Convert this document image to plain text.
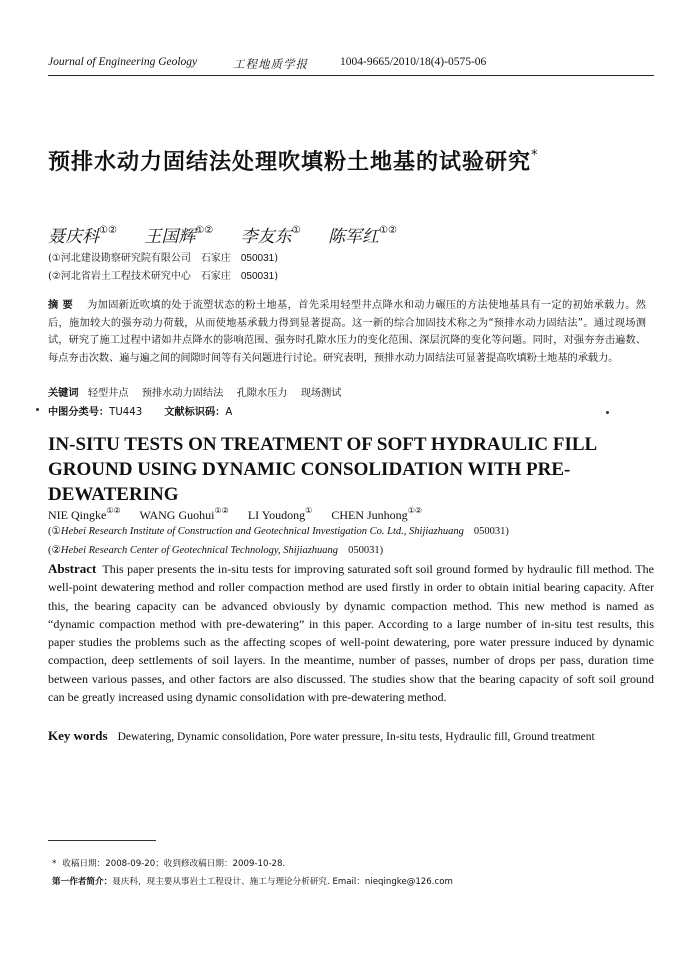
Journal of Engineering Geology	工程地质学报	1004-9665/2010/18(4)-0575-06
预排水动力固结法处理吹填粉土地基的试验研究*
聂庆科①② 王国辉①② 李友东① 陈军红①②
(①河北建设勘察研究院有限公司 石家庄 050031)
(②河北省岩土工程技术研究中心 石家庄 050031)
摘要 为加固新近吹填的处于流塑状态的粉土地基，首先采用轻型井点降水和动力碾压的方法使地基具有一定的初始承载力。然后，施加较大的强夯动力荷载，从而使地基承载力得到显著提高。这一新的综合加固技术称之为“预排水动力固结法”。通过现场测试，研究了施工过程中诸如井点降水的影响范围、强夯时孔隙水压力的变化范围、深层沉降的变化等问题。同时，对强夯夯击遍数、每点夯击次数、遍与遍之间的间隙时间等有关问题进行讨论。研究表明，预排水动力固结法可显著提高吹填粉土地基的承载力。
关键词 轻型井点 预排水动力固结法 孔隙水压力 现场测试
中图分类号：TU443 文献标识码：A
IN-SITU TESTS ON TREATMENT OF SOFT HYDRAULIC FILL GROUND USING DYNAMIC CONSOLIDATION WITH PRE-DEWATERING
NIE Qingke①② WANG Guohui①② LI Youdong① CHEN Junhong①②
(①Hebei Research Institute of Construction and Geotechnical Investigation Co. Ltd., Shijiazhuang 050031)
(②Hebei Research Center of Geotechnical Technology, Shijiazhuang 050031)
Abstract This paper presents the in-situ tests for improving saturated soft soil ground formed by hydraulic fill method. The well-point dewatering method and roller compaction method are used firstly in order to obtain initial bearing capacity. After this, the bearing capacity can be advanced obviously by dynamic compaction method. This new method is named as “dynamic compaction method with pre-dewatering” in this paper. According to a large number of in-situ test results, this paper studies the problems such as the affecting scopes of well-point dewatering, pore water pressure induced by dynamic compaction, deep settlements of soil layers. In the meantime, number of passes, number of drops per pass, duration time between various passes, and other factors are also discussed. The studies show that the bearing capacity of soft soil ground can be greatly increased using dynamic consolidation with pre-dewatering method.
Key words Dewatering, Dynamic consolidation, Pore water pressure, In-situ tests, Hydraulic fill, Ground treatment
* 收稿日期：2008-09-20；收到修改稿日期：2009-10-28.
第一作者简介：聂庆科，现主要从事岩土工程设计、施工与理论分析研究. Email：nieqingke@126.com
